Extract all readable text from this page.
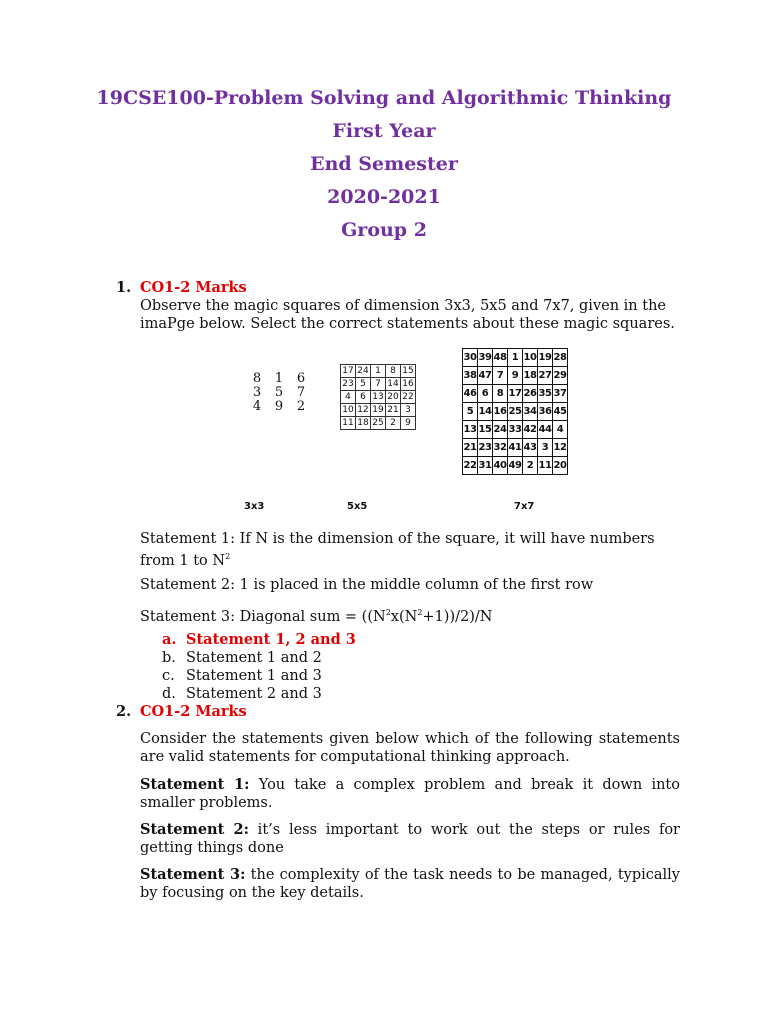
19CSE100-Problem Solving and Algorithmic Thinking
First Year
End Semester
2020-2021
Group 2
1. CO1-2 Marks
Observe the magic squares of dimension 3x3, 5x5 and 7x7, given in the imaPge below. Select the correct statements about these magic squares.
8	1	6
3	5	7
4	9	2
17	24	1	8	15
23	5	7	14	16
4	6	13	20	22
10	12	19	21	3
11	18	25	2	9
30	39	48	1	10	19	28
38	47	7	9	18	27	29
46	6	8	17	26	35	37
5	14	16	25	34	36	45
13	15	24	33	42	44	4
21	23	32	41	43	3	12
22	31	40	49	2	11	20
3x3	5x5	7x7
Statement 1: If N is the dimension of the square, it will have numbers from 1 to $N^2$
Statement 2: 1 is placed in the middle column of the first row
Statement 3: Diagonal sum = $((N^2x(N^2+1))/2)/N$
a. Statement 1, 2 and 3
b. Statement 1 and 2
c. Statement 1 and 3
d. Statement 2 and 3
2. CO1-2 Marks
Consider the statements given below which of the following statements are valid statements for computational thinking approach.
Statement 1: You take a complex problem and break it down into smaller problems.
Statement 2: it’s less important to work out the steps or rules for getting things done
Statement 3: the complexity of the task needs to be managed, typically by focusing on the key details.
